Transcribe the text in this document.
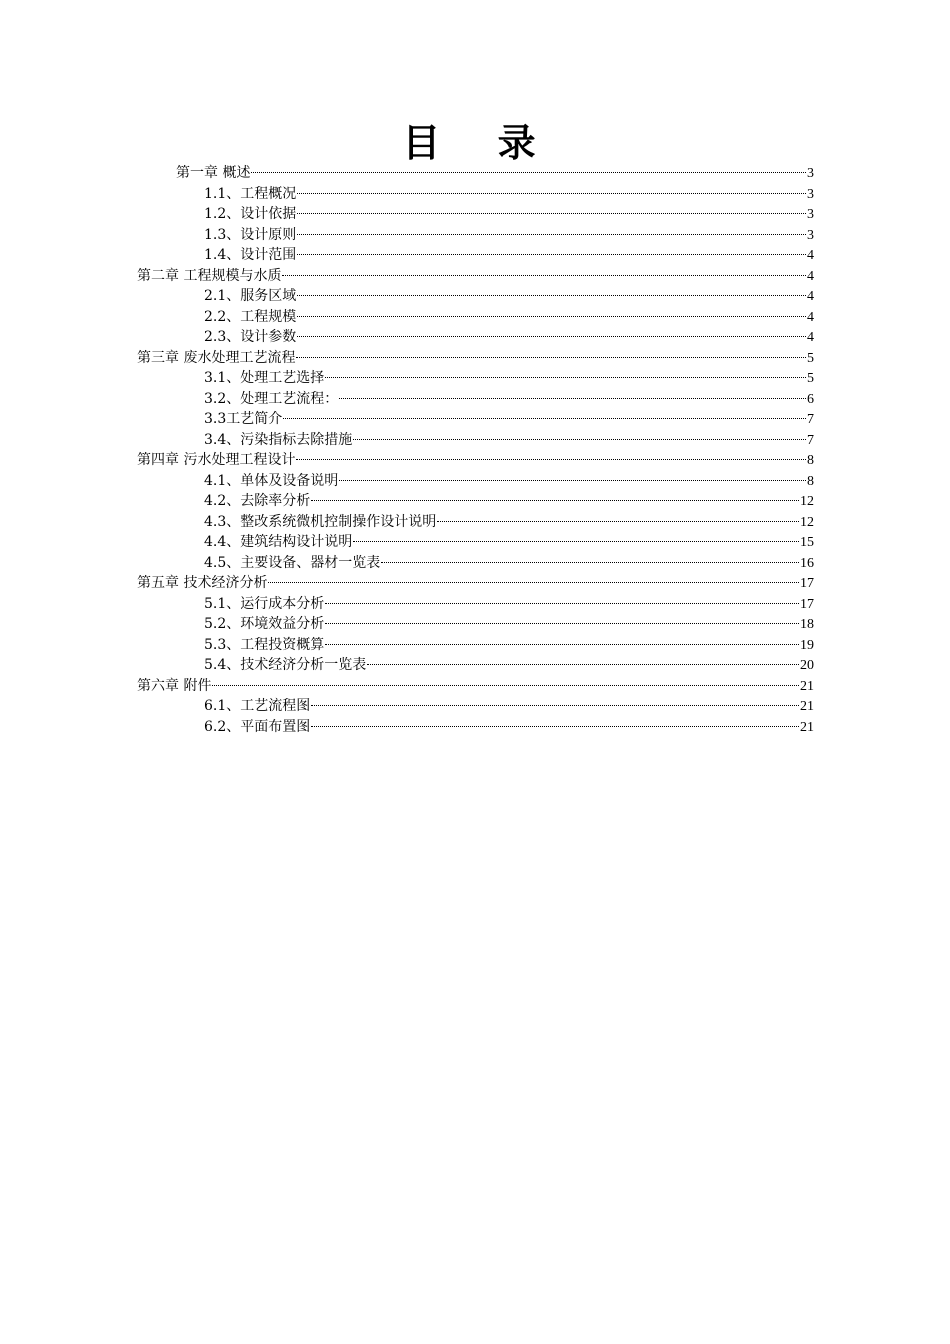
目 录
第一章 概述	3
1.1、工程概况	3
1.2、设计依据	3
1.3、设计原则	3
1.4、设计范围	4
第二章 工程规模与水质	4
2.1、服务区域	4
2.2、工程规模	4
2.3、设计参数	4
第三章 废水处理工艺流程	5
3.1、处理工艺选择	5
3.2、处理工艺流程：	6
3.3工艺简介	7
3.4、污染指标去除措施	7
第四章 污水处理工程设计	8
4.1、单体及设备说明	8
4.2、去除率分析	12
4.3、整改系统微机控制操作设计说明	12
4.4、建筑结构设计说明	15
4.5、主要设备、器材一览表	16
第五章 技术经济分析	17
5.1、运行成本分析	17
5.2、环境效益分析	18
5.3、工程投资概算	19
5.4、技术经济分析一览表	20
第六章 附件	21
6.1、工艺流程图	21
6.2、平面布置图	21
